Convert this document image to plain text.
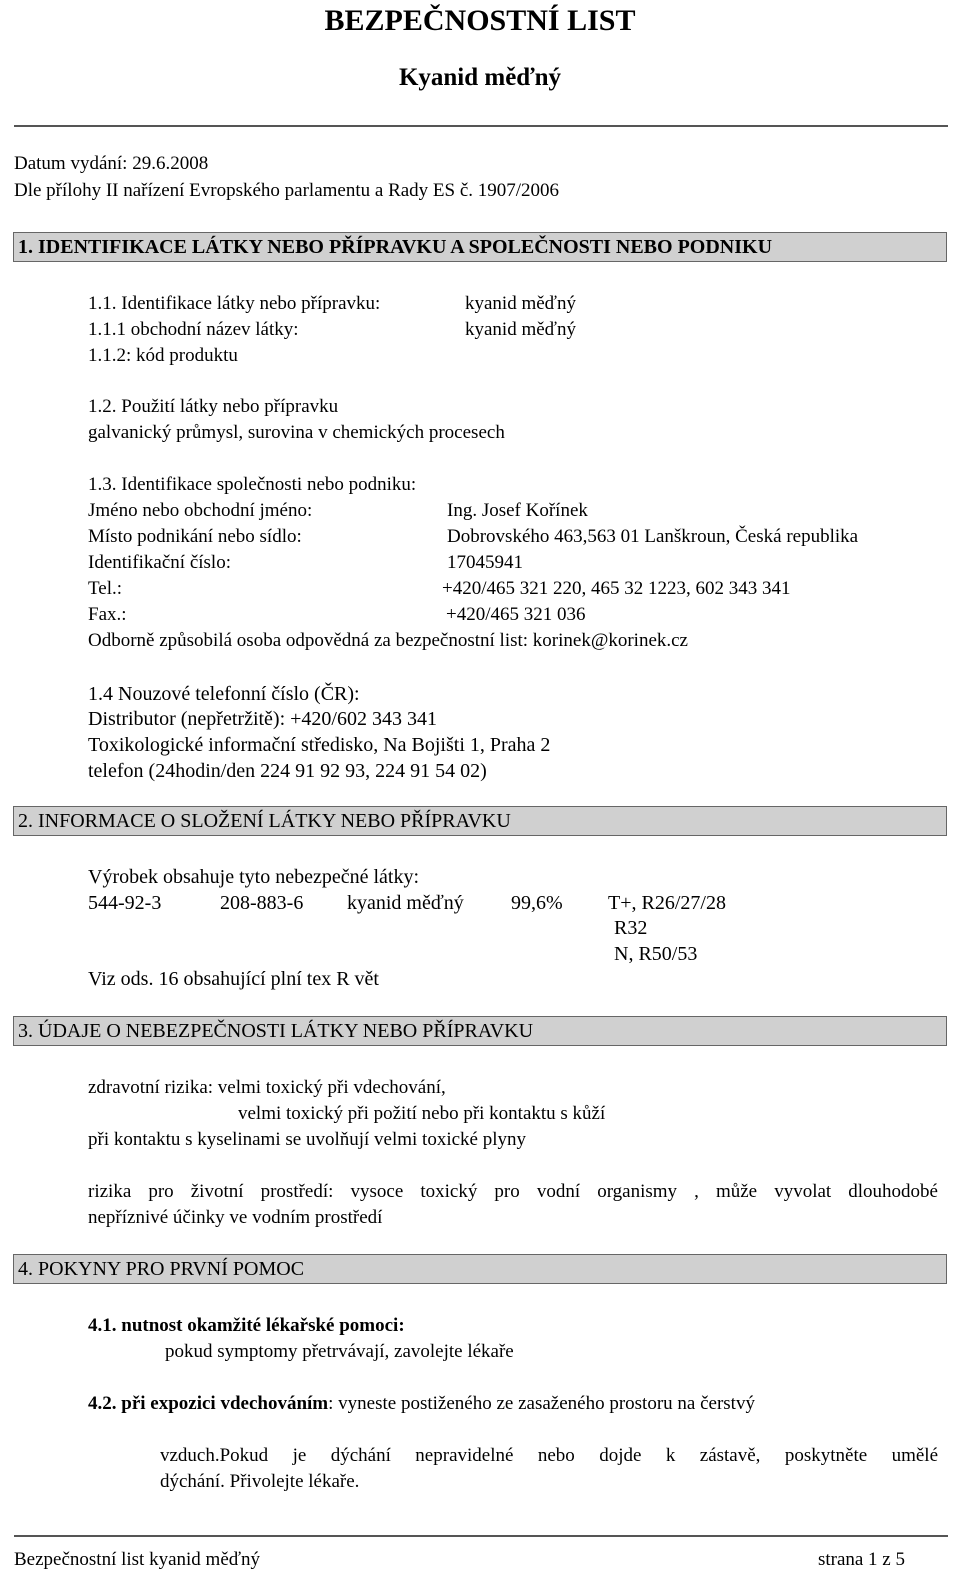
BEZPEČNOSTNÍ LIST
Kyanid měďný
Datum vydání: 29.6.2008
Dle přílohy II nařízení Evropského parlamentu a Rady ES č. 1907/2006
1. IDENTIFIKACE LÁTKY NEBO PŘÍPRAVKU A SPOLEČNOSTI NEBO PODNIKU
1.1. Identifikace látky nebo přípravku:	kyanid měďný
1.1.1 obchodní název látky:	kyanid měďný
1.1.2: kód produktu
1.2. Použití látky nebo přípravku
galvanický průmysl, surovina v chemických procesech
1.3. Identifikace společnosti nebo podniku:
Jméno nebo obchodní jméno:	Ing. Josef Kořínek
Místo podnikání nebo sídlo:	Dobrovského 463,563 01 Lanškroun, Česká republika
Identifikační číslo:	17045941
Tel.:	+420/465 321 220, 465 32 1223, 602 343 341
Fax.:	+420/465 321 036
Odborně způsobilá osoba odpovědná za bezpečnostní list: korinek@korinek.cz
1.4 Nouzové telefonní číslo (ČR):
Distributor (nepřetržitě): +420/602 343 341
Toxikologické informační středisko, Na Bojišti 1, Praha 2
telefon (24hodin/den 224 91 92 93, 224 91 54 02)
2. INFORMACE O SLOŽENÍ LÁTKY NEBO PŘÍPRAVKU
Výrobek obsahuje tyto nebezpečné látky:
544-92-3	208-883-6 kyanid měďný 99,6% T+, R26/27/28
R32
N, R50/53
Viz ods. 16 obsahující plní tex R vět
3. ÚDAJE O NEBEZPEČNOSTI LÁTKY NEBO PŘÍPRAVKU
zdravotní rizika: velmi toxický při vdechování,
velmi toxický při požití nebo při kontaktu s kůží
při kontaktu s kyselinami se uvolňují velmi toxické plyny
rizika pro životní prostředí: vysoce toxický pro vodní organismy , může vyvolat dlouhodobé
nepříznivé účinky ve vodním prostředí
4. POKYNY PRO PRVNÍ POMOC
4.1. nutnost okamžité lékařské pomoci:
pokud symptomy přetrvávají, zavolejte lékaře
4.2. při expozici vdechováním: vyneste postiženého ze zasaženého prostoru na čerstvý
vzduch.Pokud je dýchání nepravidelné nebo dojde k zástavě, poskytněte umělé
dýchání. Přivolejte lékaře.
Bezpečnostní list kyanid měďný	strana 1 z 5
